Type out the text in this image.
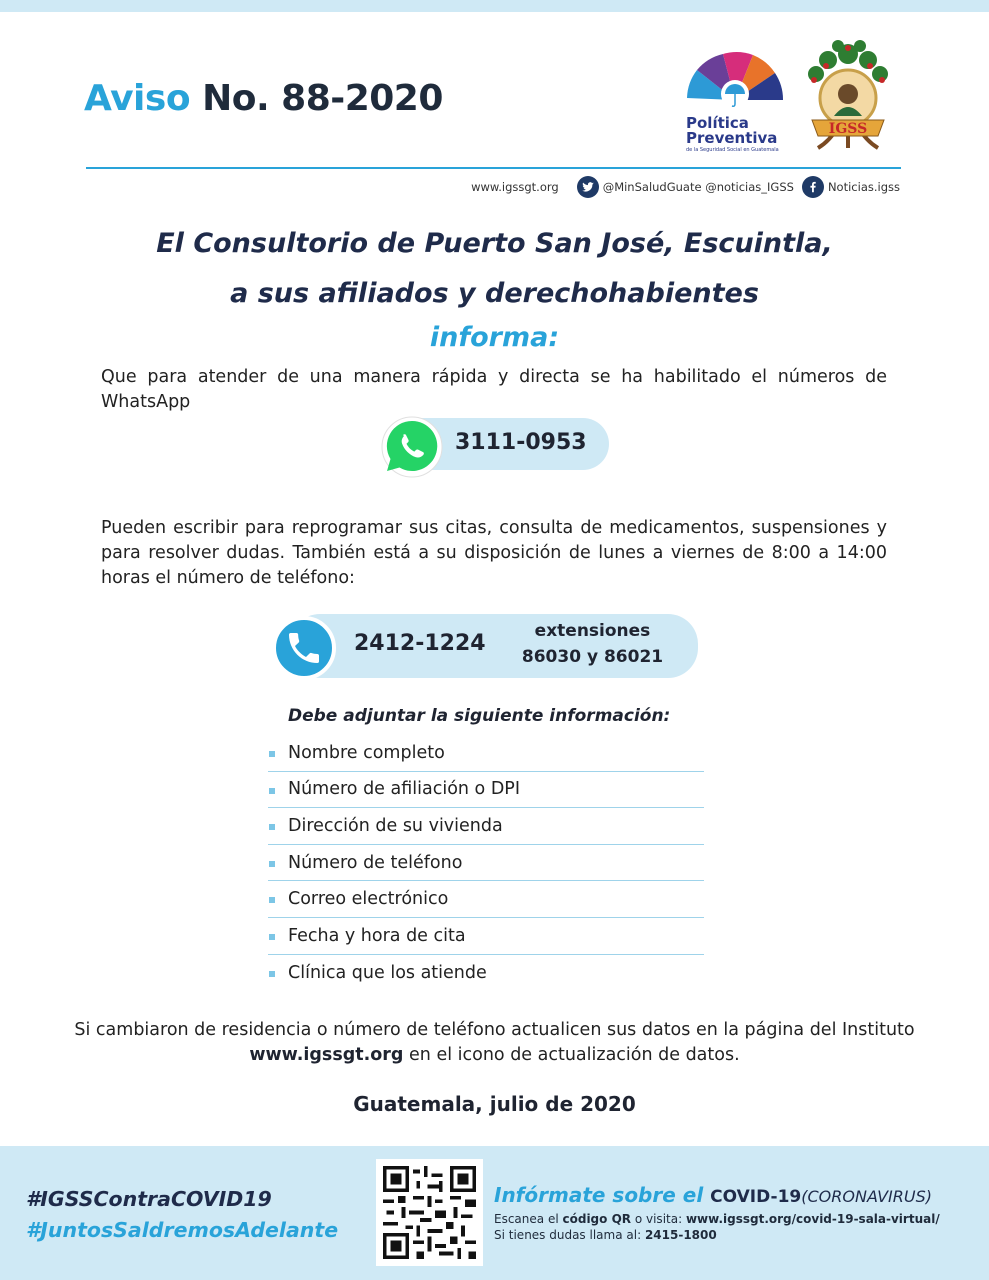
Aviso No. 88-2020
Política
Preventiva
de la Seguridad Social en Guatemala
IGSS
www.igssgt.org	@MinSaludGuate @noticias_IGSS	Noticias.igss
El Consultorio de Puerto San José, Escuintla,
a sus afiliados y derechohabientes
informa:

Que para atender de una manera rápida y directa se ha habilitado el números de WhatsApp

3111-0953

Pueden escribir para reprogramar sus citas, consulta de medicamentos, suspensiones y para resolver dudas. También está a su disposición de lunes a viernes de 8:00 a 14:00 horas el número de teléfono:

2412-1224	extensiones
86030 y 86021
Debe adjuntar la siguiente información:
Nombre completo
Número de afiliación o DPI
Dirección de su vivienda
Número de teléfono
Correo electrónico
Fecha y hora de cita
Clínica que los atiende
Si cambiaron de residencia o número de teléfono actualicen sus datos en la página del Instituto www.igssgt.org en el icono de actualización de datos.
Guatemala, julio de 2020
#IGSSContraCOVID19
#JuntosSaldremosAdelante
Infórmate sobre el COVID-19(CORONAVIRUS)
Escanea el código QR o visita: www.igssgt.org/covid-19-sala-virtual/
Si tienes dudas llama al: 2415-1800
